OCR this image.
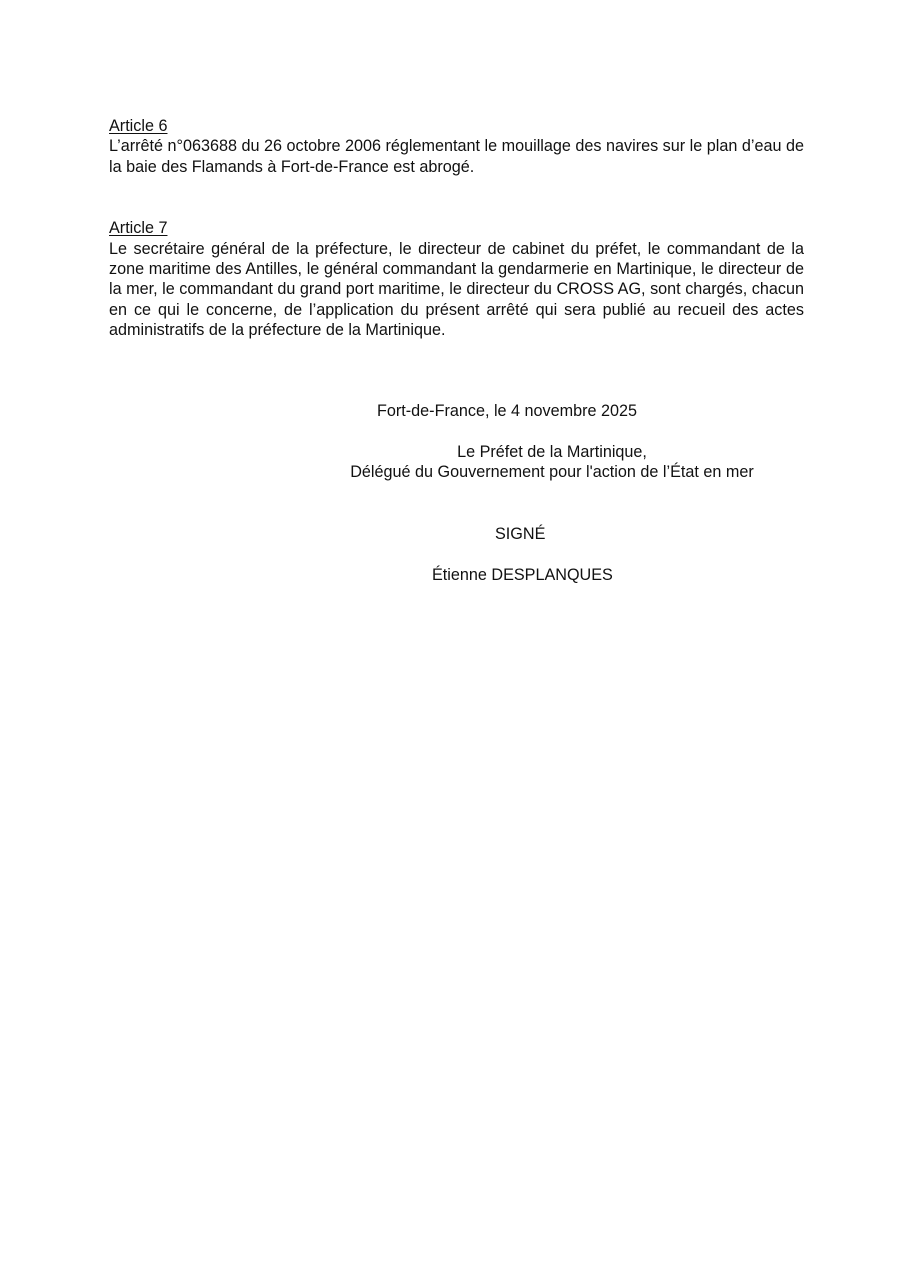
Article 6

L’arrêté n°063688 du 26 octobre 2006 réglementant le mouillage des navires sur le plan d’eau de la baie des Flamands à Fort-de-France est abrogé.

Article 7

Le secrétaire général de la préfecture, le directeur de cabinet du préfet, le commandant de la zone maritime des Antilles, le général commandant la gendarmerie en Martinique, le directeur de la mer, le commandant du grand port maritime, le directeur du CROSS AG, sont chargés, chacun en ce qui le concerne, de l’application du présent arrêté qui sera publié au recueil des actes administratifs de la préfecture de la Martinique.

Fort-de-France, le 4 novembre 2025
Le Préfet de la Martinique,
Délégué du Gouvernement pour l'action de l’État en mer
SIGNÉ
Étienne DESPLANQUES
